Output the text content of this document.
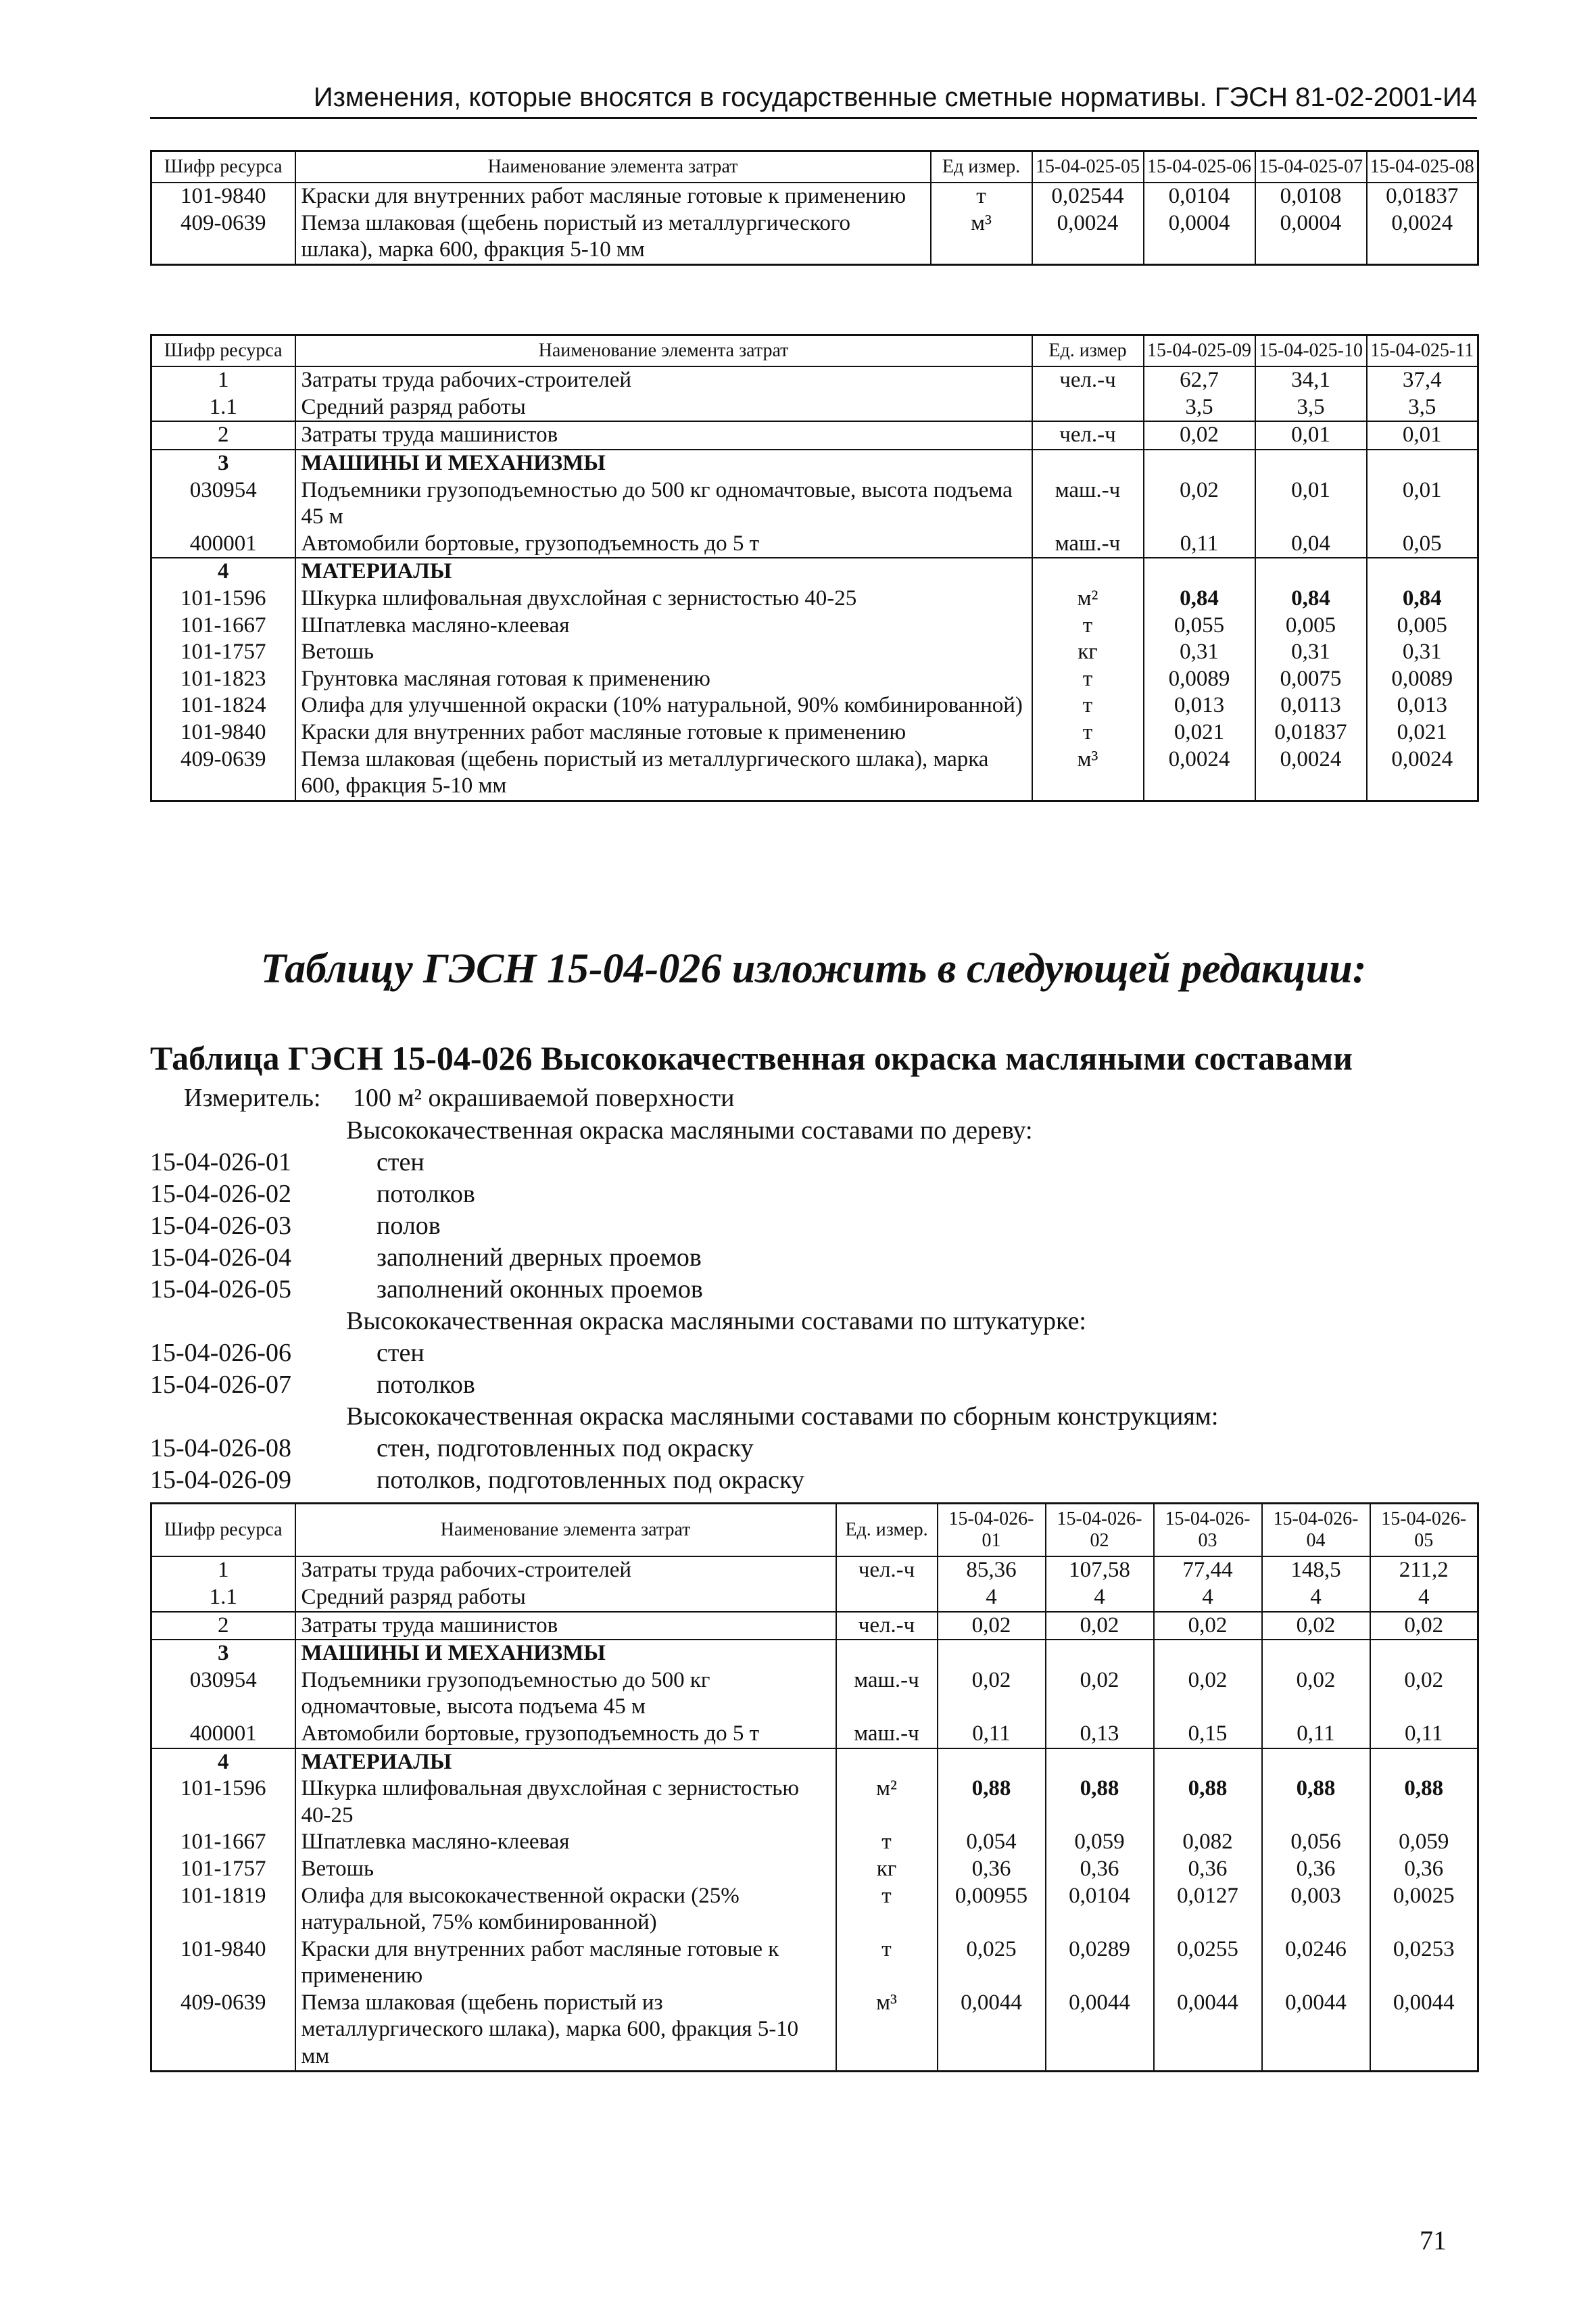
Изменения, которые вносятся в государственные сметные нормативы. ГЭСН 81-02-2001-И4
Шифр ресурса	Наименование элемента затрат	Ед измер.	15-04-025-05	15-04-025-06	15-04-025-07	15-04-025-08
101-9840	Краски для внутренних работ масляные готовые к применению	т	0,02544	0,0104	0,0108	0,01837
409-0639	Пемза шлаковая (щебень пористый из металлургического шлака), марка 600, фракция 5-10 мм	м³	0,0024	0,0004	0,0004	0,0024
Шифр ресурса	Наименование элемента затрат	Ед. измер	15-04-025-09	15-04-025-10	15-04-025-11
1	Затраты труда рабочих-строителей	чел.-ч	62,7	34,1	37,4
1.1	Средний разряд работы		3,5	3,5	3,5
2	Затраты труда машинистов	чел.-ч	0,02	0,01	0,01
3	МАШИНЫ И МЕХАНИЗМЫ				
030954	Подъемники грузоподъемностью до 500 кг одномачтовые, высота подъема 45 м	маш.-ч	0,02	0,01	0,01
400001	Автомобили бортовые, грузоподъемность до 5 т	маш.-ч	0,11	0,04	0,05
4	МАТЕРИАЛЫ				
101-1596	Шкурка шлифовальная двухслойная с зернистостью 40-25	м²	0,84	0,84	0,84
101-1667	Шпатлевка масляно-клеевая	т	0,055	0,005	0,005
101-1757	Ветошь	кг	0,31	0,31	0,31
101-1823	Грунтовка масляная готовая к применению	т	0,0089	0,0075	0,0089
101-1824	Олифа для улучшенной окраски (10% натуральной, 90% комбинированной)	т	0,013	0,0113	0,013
101-9840	Краски для внутренних работ масляные готовые к применению	т	0,021	0,01837	0,021
409-0639	Пемза шлаковая (щебень пористый из металлургического шлака), марка 600, фракция 5-10 мм	м³	0,0024	0,0024	0,0024
Таблицу ГЭСН 15-04-026 изложить в следующей редакции:
Таблица ГЭСН 15-04-026 Высококачественная окраска масляными составами
Измеритель: 100 м² окрашиваемой поверхности
Высококачественная окраска масляными составами по дереву:
15-04-026-01	стен
15-04-026-02	потолков
15-04-026-03	полов
15-04-026-04	заполнений дверных проемов
15-04-026-05	заполнений оконных проемов
Высококачественная окраска масляными составами по штукатурке:
15-04-026-06	стен
15-04-026-07	потолков
Высококачественная окраска масляными составами по сборным конструкциям:
15-04-026-08	стен, подготовленных под окраску
15-04-026-09	потолков, подготовленных под окраску
Шифр ресурса	Наименование элемента затрат	Ед. измер.	15-04-026-01	15-04-026-02	15-04-026-03	15-04-026-04	15-04-026-05
1	Затраты труда рабочих-строителей	чел.-ч	85,36	107,58	77,44	148,5	211,2
1.1	Средний разряд работы		4	4	4	4	4
2	Затраты труда машинистов	чел.-ч	0,02	0,02	0,02	0,02	0,02
3	МАШИНЫ И МЕХАНИЗМЫ						
030954	Подъемники грузоподъемностью до 500 кг одномачтовые, высота подъема 45 м	маш.-ч	0,02	0,02	0,02	0,02	0,02
400001	Автомобили бортовые, грузоподъемность до 5 т	маш.-ч	0,11	0,13	0,15	0,11	0,11
4	МАТЕРИАЛЫ						
101-1596	Шкурка шлифовальная двухслойная с зернистостью 40-25	м²	0,88	0,88	0,88	0,88	0,88
101-1667	Шпатлевка масляно-клеевая	т	0,054	0,059	0,082	0,056	0,059
101-1757	Ветошь	кг	0,36	0,36	0,36	0,36	0,36
101-1819	Олифа для высококачественной окраски (25% натуральной, 75% комбинированной)	т	0,00955	0,0104	0,0127	0,003	0,0025
101-9840	Краски для внутренних работ масляные готовые к применению	т	0,025	0,0289	0,0255	0,0246	0,0253
409-0639	Пемза шлаковая (щебень пористый из металлургического шлака), марка 600, фракция 5-10 мм	м³	0,0044	0,0044	0,0044	0,0044	0,0044
71
